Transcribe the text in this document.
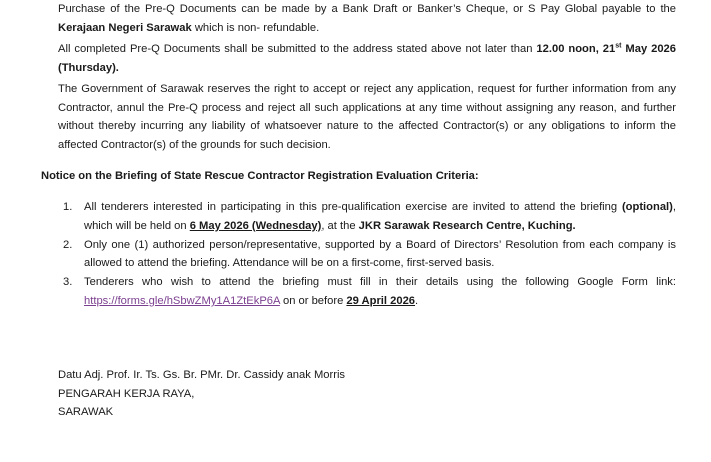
Purchase of the Pre-Q Documents can be made by a Bank Draft or Banker’s Cheque, or S Pay Global payable to the Kerajaan Negeri Sarawak which is non- refundable.

All completed Pre-Q Documents shall be submitted to the address stated above not later than 12.00 noon, 21st May 2026 (Thursday).

The Government of Sarawak reserves the right to accept or reject any application, request for further information from any Contractor, annul the Pre-Q process and reject all such applications at any time without assigning any reason, and further without thereby incurring any liability of whatsoever nature to the affected Contractor(s) or any obligations to inform the affected Contractor(s) of the grounds for such decision.

Notice on the Briefing of State Rescue Contractor Registration Evaluation Criteria:

1. All tenderers interested in participating in this pre-qualification exercise are invited to attend the briefing (optional), which will be held on 6 May 2026 (Wednesday), at the JKR Sarawak Research Centre, Kuching.
2. Only one (1) authorized person/representative, supported by a Board of Directors’ Resolution from each company is allowed to attend the briefing. Attendance will be on a first-come, first-served basis.
3. Tenderers who wish to attend the briefing must fill in their details using the following Google Form link: https://forms.gle/hSbwZMy1A1ZtEkP6A on or before 29 April 2026.
Datu Adj. Prof. Ir. Ts. Gs. Br. PMr. Dr. Cassidy anak Morris
PENGARAH KERJA RAYA,
SARAWAK
